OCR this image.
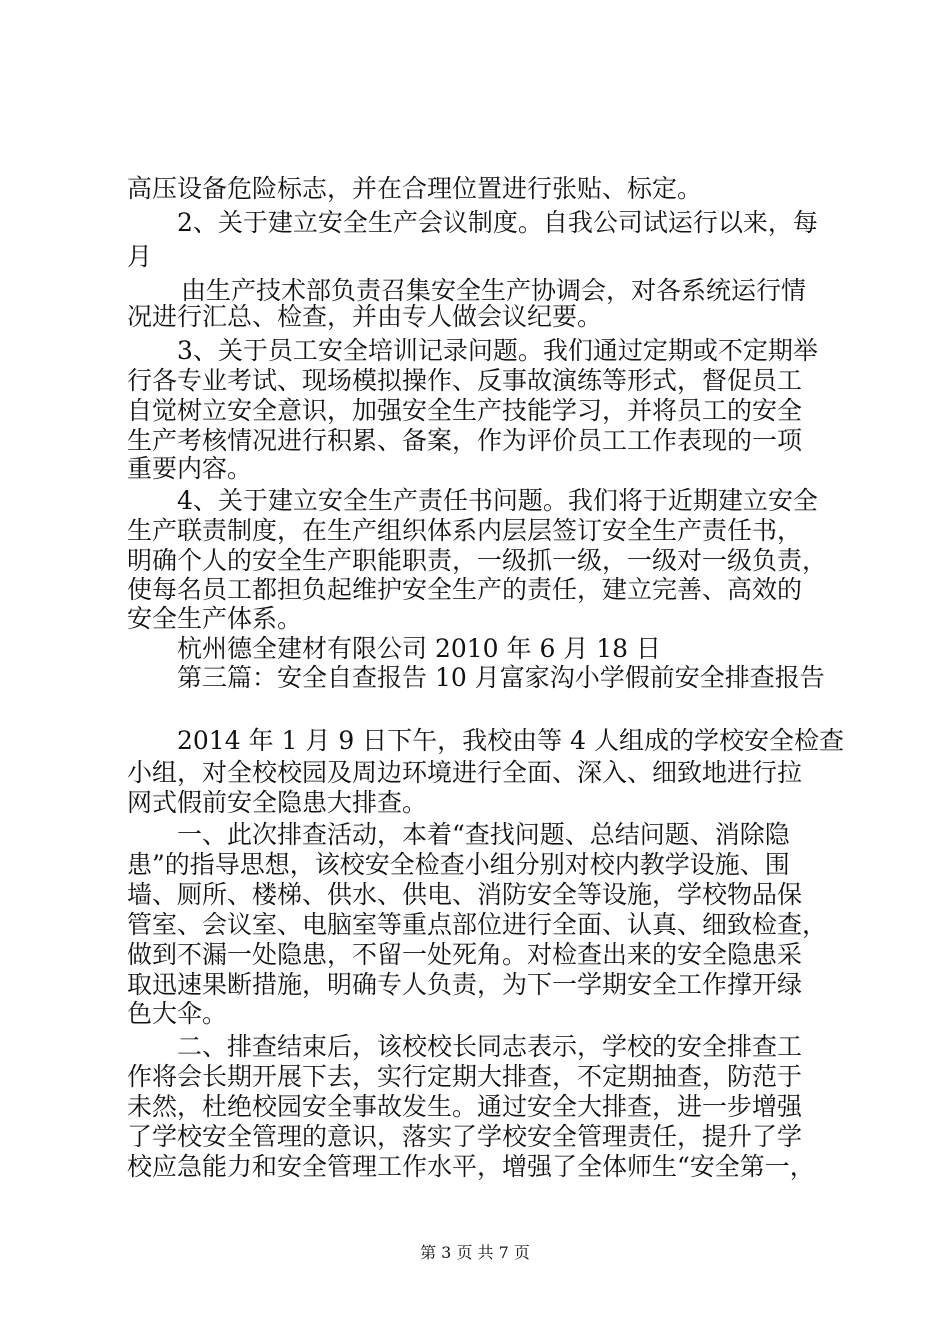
高压设备危险标志，并在合理位置进行张贴、标定。
2、关于建立安全生产会议制度。自我公司试运行以来，每
月
由生产技术部负责召集安全生产协调会，对各系统运行情
况进行汇总、检查，并由专人做会议纪要。
3、关于员工安全培训记录问题。我们通过定期或不定期举
行各专业考试、现场模拟操作、反事故演练等形式，督促员工
自觉树立安全意识，加强安全生产技能学习，并将员工的安全
生产考核情况进行积累、备案，作为评价员工工作表现的一项
重要内容。
4、关于建立安全生产责任书问题。我们将于近期建立安全
生产联责制度，在生产组织体系内层层签订安全生产责任书，
明确个人的安全生产职能职责，一级抓一级，一级对一级负责，
使每名员工都担负起维护安全生产的责任，建立完善、高效的
安全生产体系。
杭州德全建材有限公司 2010 年 6 月 18 日
第三篇：安全自查报告 10 月富家沟小学假前安全排查报告
2014 年 1 月 9 日下午，我校由等 4 人组成的学校安全检查
小组，对全校校园及周边环境进行全面、深入、细致地进行拉
网式假前安全隐患大排查。
一、此次排查活动，本着“查找问题、总结问题、消除隐
患”的指导思想，该校安全检查小组分别对校内教学设施、围
墙、厕所、楼梯、供水、供电、消防安全等设施，学校物品保
管室、会议室、电脑室等重点部位进行全面、认真、细致检查，
做到不漏一处隐患，不留一处死角。对检查出来的安全隐患采
取迅速果断措施，明确专人负责，为下一学期安全工作撑开绿
色大伞。
二、排查结束后，该校校长同志表示，学校的安全排查工
作将会长期开展下去，实行定期大排查，不定期抽查，防范于
未然，杜绝校园安全事故发生。通过安全大排查，进一步增强
了学校安全管理的意识，落实了学校安全管理责任，提升了学
校应急能力和安全管理工作水平，增强了全体师生“安全第一，
第 3 页 共 7 页
